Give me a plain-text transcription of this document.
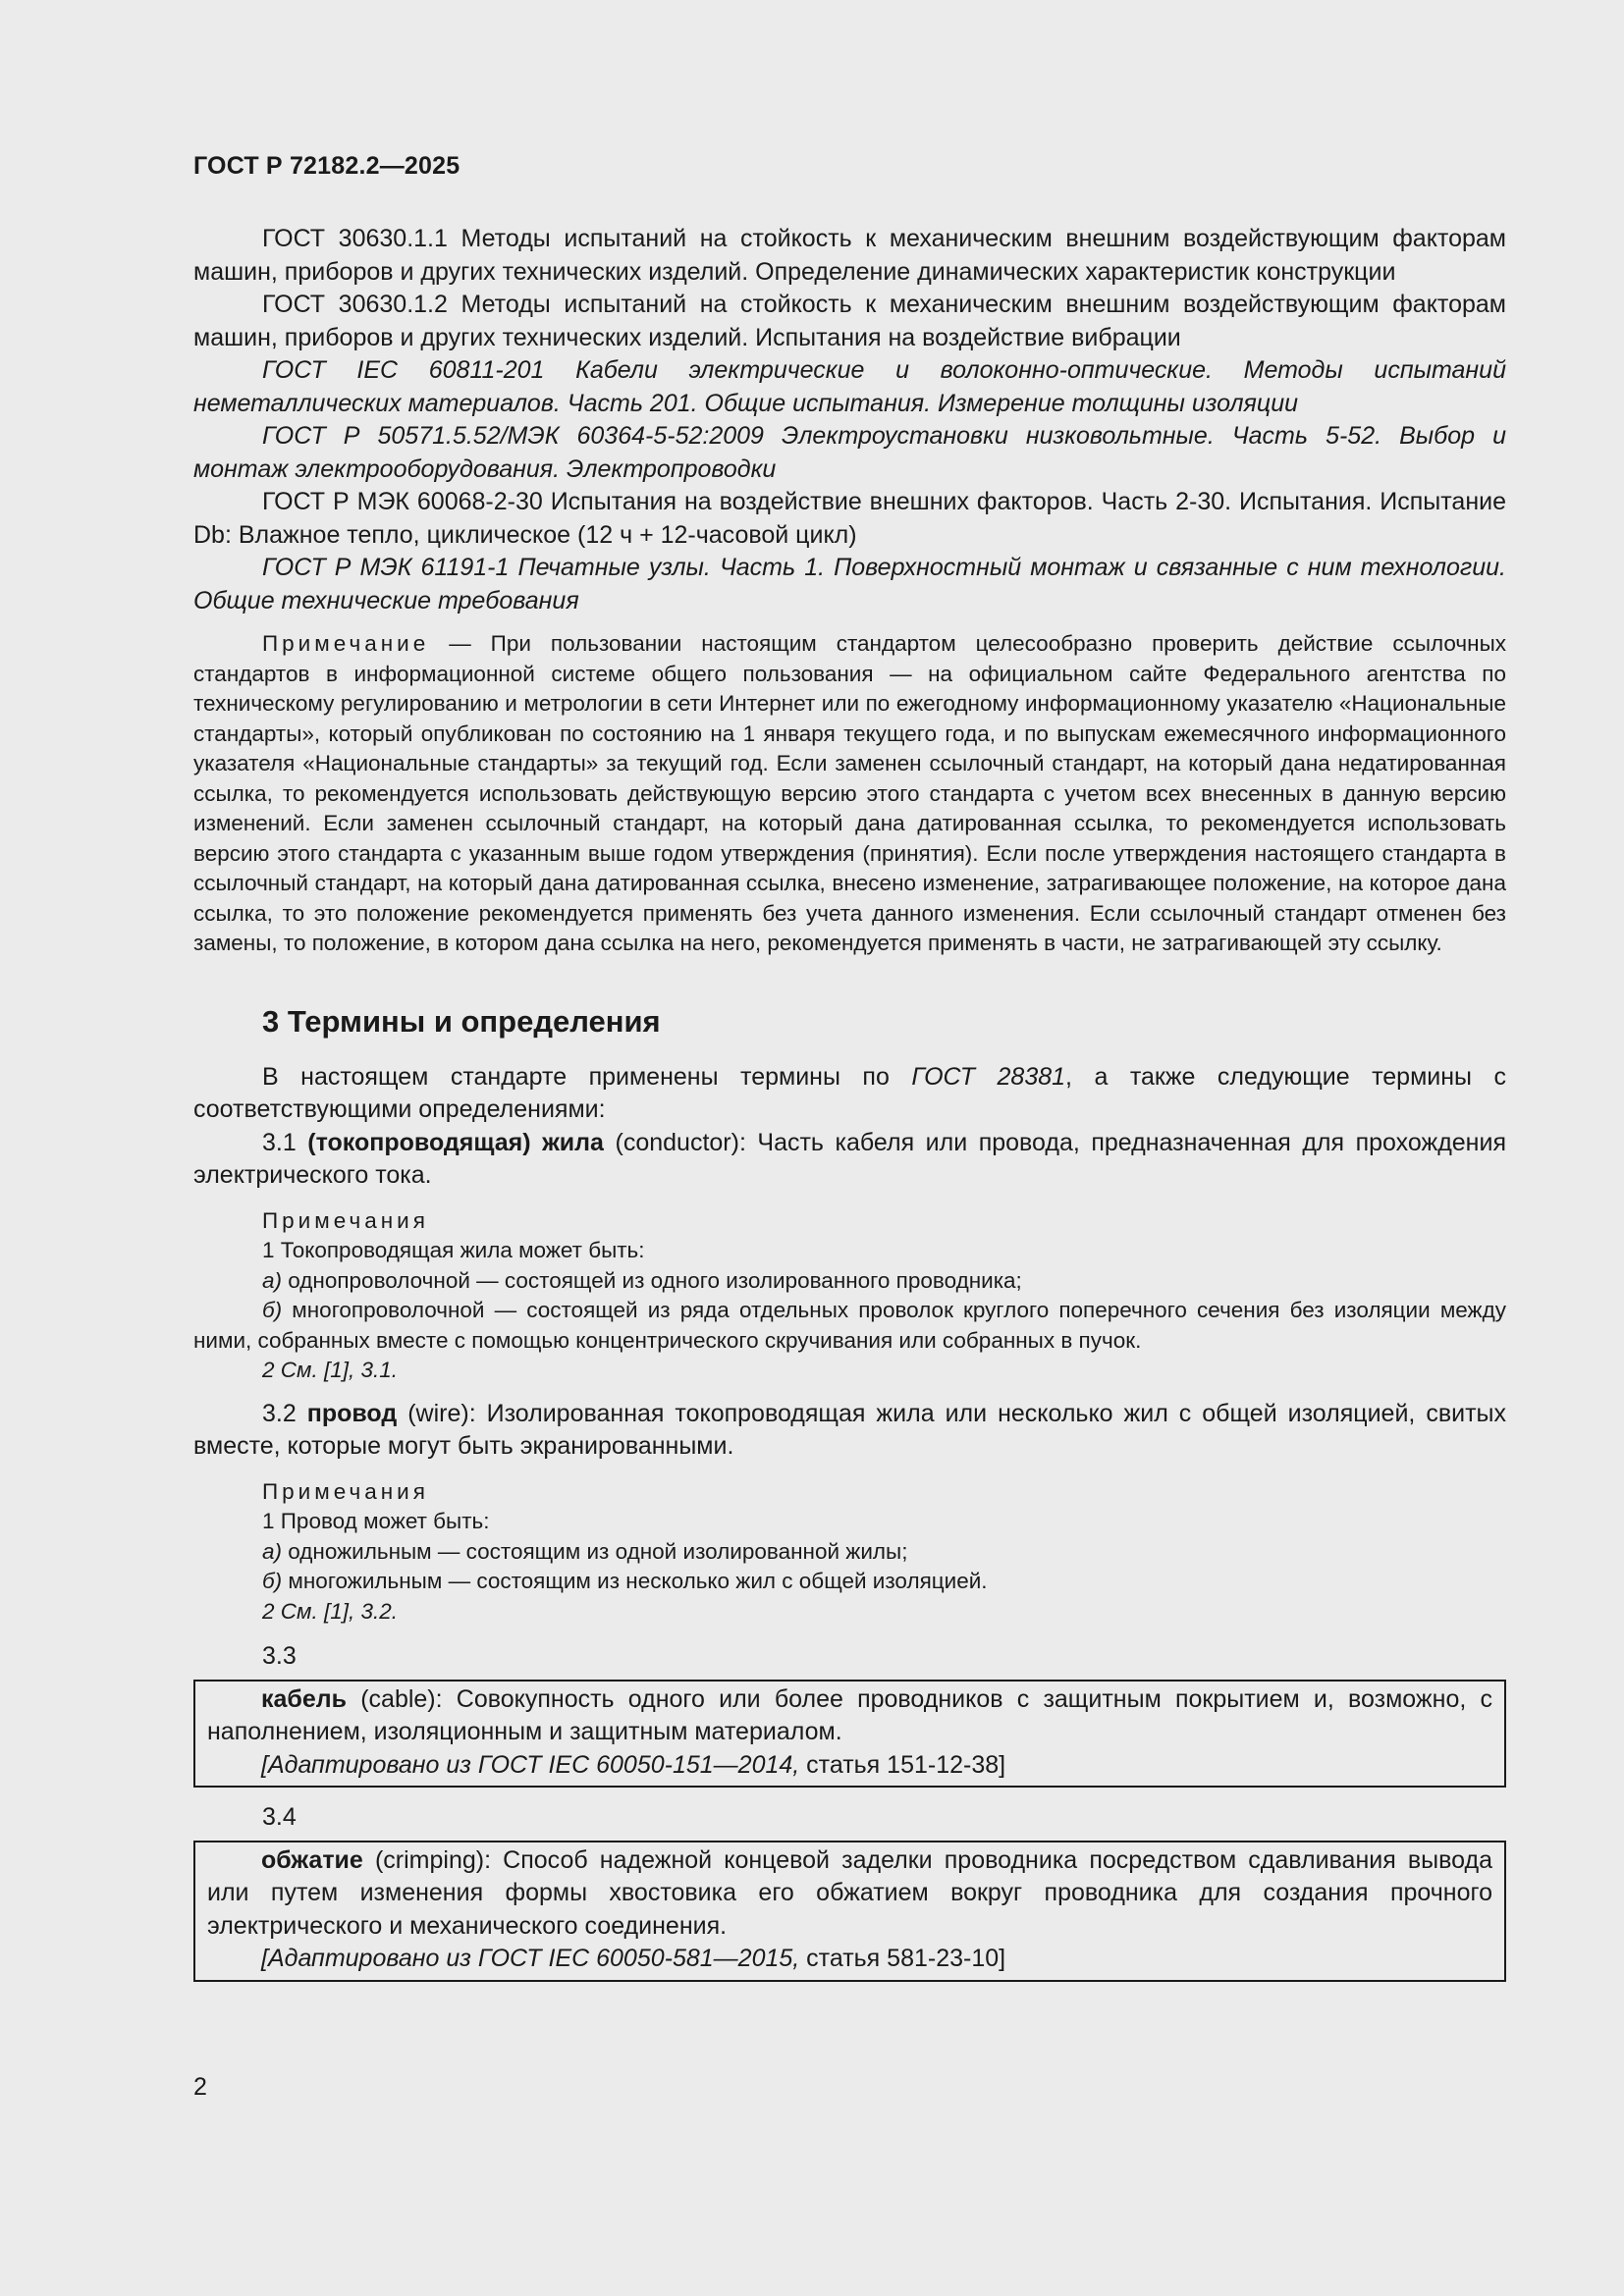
ГОСТ Р 72182.2—2025

ГОСТ 30630.1.1 Методы испытаний на стойкость к механическим внешним воздействующим факторам машин, приборов и других технических изделий. Определение динамических характеристик конструкции

ГОСТ 30630.1.2 Методы испытаний на стойкость к механическим внешним воздействующим факторам машин, приборов и других технических изделий. Испытания на воздействие вибрации

ГОСТ IEC 60811-201 Кабели электрические и волоконно-оптические. Методы испытаний неметаллических материалов. Часть 201. Общие испытания. Измерение толщины изоляции

ГОСТ Р 50571.5.52/МЭК 60364-5-52:2009 Электроустановки низковольтные. Часть 5-52. Выбор и монтаж электрооборудования. Электропроводки

ГОСТ Р МЭК 60068-2-30 Испытания на воздействие внешних факторов. Часть 2-30. Испытания. Испытание Db: Влажное тепло, циклическое (12 ч + 12-часовой цикл)

ГОСТ Р МЭК 61191-1 Печатные узлы. Часть 1. Поверхностный монтаж и связанные с ним технологии. Общие технические требования

Примечание — При пользовании настоящим стандартом целесообразно проверить действие ссылочных стандартов в информационной системе общего пользования — на официальном сайте Федерального агентства по техническому регулированию и метрологии в сети Интернет или по ежегодному информационному указателю «Национальные стандарты», который опубликован по состоянию на 1 января текущего года, и по выпускам ежемесячного информационного указателя «Национальные стандарты» за текущий год. Если заменен ссылочный стандарт, на который дана недатированная ссылка, то рекомендуется использовать действующую версию этого стандарта с учетом всех внесенных в данную версию изменений. Если заменен ссылочный стандарт, на который дана датированная ссылка, то рекомендуется использовать версию этого стандарта с указанным выше годом утверждения (принятия). Если после утверждения настоящего стандарта в ссылочный стандарт, на который дана датированная ссылка, внесено изменение, затрагивающее положение, на которое дана ссылка, то это положение рекомендуется применять без учета данного изменения. Если ссылочный стандарт отменен без замены, то положение, в котором дана ссылка на него, рекомендуется применять в части, не затрагивающей эту ссылку.

3 Термины и определения

В настоящем стандарте применены термины по ГОСТ 28381, а также следующие термины с соответствующими определениями:

3.1 (токопроводящая) жила (conductor): Часть кабеля или провода, предназначенная для прохождения электрического тока.

Примечания
1 Токопроводящая жила может быть:
а) однопроволочной — состоящей из одного изолированного проводника;
б) многопроволочной — состоящей из ряда отдельных проволок круглого поперечного сечения без изоляции между ними, собранных вместе с помощью концентрического скручивания или собранных в пучок.
2 См. [1], 3.1.

3.2 провод (wire): Изолированная токопроводящая жила или несколько жил с общей изоляцией, свитых вместе, которые могут быть экранированными.

Примечания
1 Провод может быть:
а) одножильным — состоящим из одной изолированной жилы;
б) многожильным — состоящим из несколько жил с общей изоляцией.
2 См. [1], 3.2.
3.3

кабель (cable): Совокупность одного или более проводников с защитным покрытием и, возможно, с наполнением, изоляционным и защитным материалом.

[Адаптировано из ГОСТ IEC 60050-151—2014, статья 151-12-38]

3.4

обжатие (crimping): Способ надежной концевой заделки проводника посредством сдавливания вывода или путем изменения формы хвостовика его обжатием вокруг проводника для создания прочного электрического и механического соединения.

[Адаптировано из ГОСТ IEC 60050-581—2015, статья 581-23-10]

2
